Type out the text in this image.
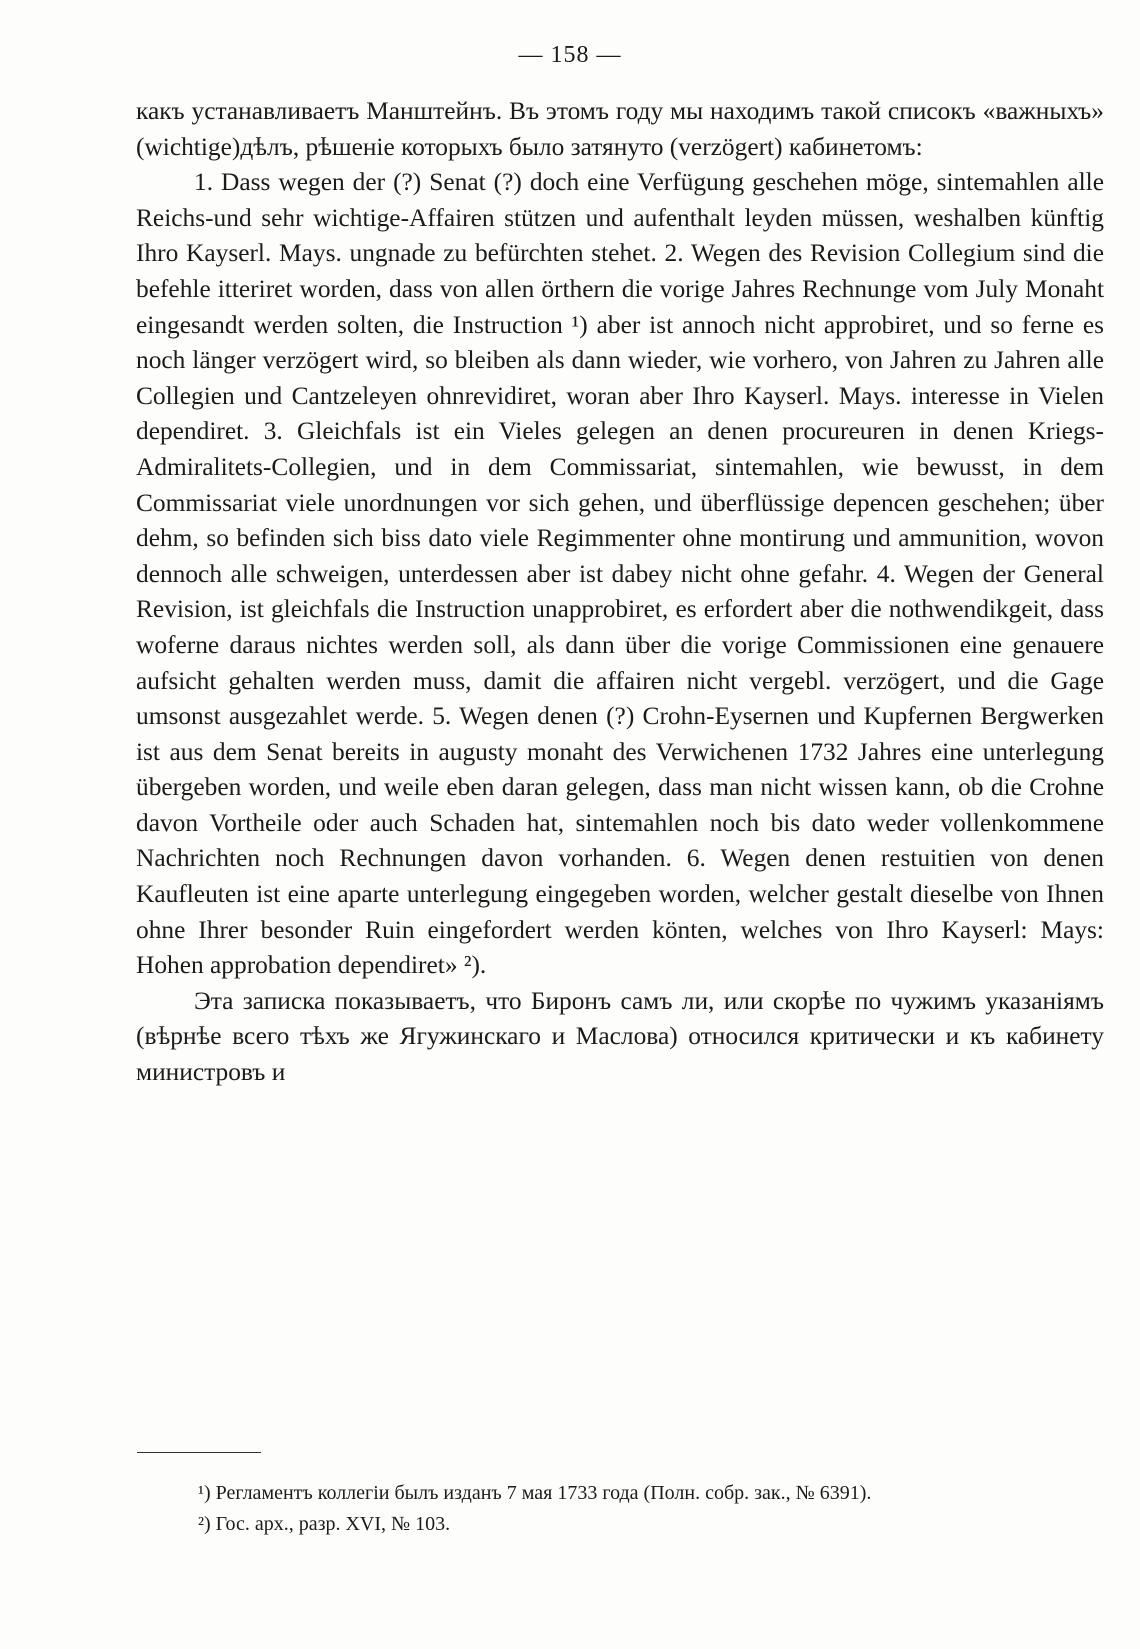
— 158 —

какъ устанавливаетъ Манштейнъ. Въ этомъ году мы находимъ такой списокъ «важныхъ» (wichtige)дѣлъ, рѣшеніе которыхъ было затянуто (verzögert) кабинетомъ:

1. Dass wegen der (?) Senat (?) doch eine Verfügung geschehen möge, sintemahlen alle Reichs-und sehr wichtige-Affairen stützen und aufenthalt leyden müssen, weshalben künftig Ihro Kayserl. Mays. ungnade zu befürchten stehet. 2. Wegen des Revision Collegium sind die befehle itteriret worden, dass von allen örthern die vorige Jahres Rechnunge vom July Monaht eingesandt werden solten, die Instruction ¹) aber ist annoch nicht approbiret, und so ferne es noch länger verzögert wird, so bleiben als dann wieder, wie vorhero, von Jahren zu Jahren alle Collegien und Cantzeleyen ohnrevidiret, woran aber Ihro Kayserl. Mays. interesse in Vielen dependiret. 3. Gleichfals ist ein Vieles gelegen an denen procureuren in denen Kriegs-Admiralitets-Collegien, und in dem Commissariat, sintemahlen, wie bewusst, in dem Commissariat viele unordnungen vor sich gehen, und überflüssige depencen geschehen; über dehm, so befinden sich biss dato viele Regimmenter ohne montirung und ammunition, wovon dennoch alle schweigen, unterdessen aber ist dabey nicht ohne gefahr. 4. Wegen der General Revision, ist gleichfals die Instruction unapprobiret, es erfordert aber die nothwendikgeit, dass woferne daraus nichtes werden soll, als dann über die vorige Commissionen eine genauere aufsicht gehalten werden muss, damit die affairen nicht vergebl. verzögert, und die Gage umsonst ausgezahlet werde. 5. Wegen denen (?) Crohn-Eysernen und Kupfernen Bergwerken ist aus dem Senat bereits in augusty monaht des Verwichenen 1732 Jahres eine unterlegung übergeben worden, und weile eben daran gelegen, dass man nicht wissen kann, ob die Crohne davon Vortheile oder auch Schaden hat, sintemahlen noch bis dato weder vollenkommene Nachrichten noch Rechnungen davon vorhanden. 6. Wegen denen restuitien von denen Kaufleuten ist eine aparte unterlegung eingegeben worden, welcher gestalt dieselbe von Ihnen ohne Ihrer besonder Ruin eingefordert werden könten, welches von Ihro Kayserl: Mays: Hohen approbation dependiret» ²).

Эта записка показываетъ, что Биронъ самъ ли, или скорѣе по чужимъ указаніямъ (вѣрнѣе всего тѣхъ же Ягужинскаго и Маслова) относился критически и къ кабинету министровъ и

¹) Регламентъ коллегіи былъ изданъ 7 мая 1733 года (Полн. собр. зак., № 6391).

²) Гос. арх., разр. XVI, № 103.
